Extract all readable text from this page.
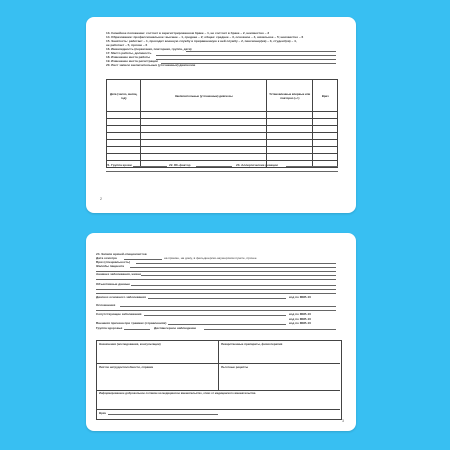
13. Семейное положение: состоит в зарегистрированном браке – 1, не состоит в браке – 2, неизвестно – 3
14. Образование: профессиональное: высшее – 1, среднее – 2; общее: среднее – 3, основное – 4, начальное – 5; неизвестно – 6
15. Занятость: работает – 1, проходит военную службу и приравненную к ней службу – 2, пенсионер(ка) – 3, студент(ка) – 4,
не работает – 5, прочие – 6
16. Инвалидность (первичная, повторная, группа, дата)
17. Место работы, должность
18. Изменение места работы
19. Изменение места регистрации
20. Лист записи заключительных (уточненных) диагнозов
Дата (число, месяц, год)	Заключительные (уточненные) диагнозы	Установленные впервые или повторно (+/-)	Врач

21. Группа крови	22. Rh-фактор	23. Аллергические реакции
2
24. Записи врачей-специалистов
Дата осмотра	на приеме, на дому, в фельдшерско-акушерском пункте, прочее
Врач (специальность)
Жалобы пациента
Анамнез заболевания, жизни
Объективные данные
Диагноз основного заболевания	код по МКБ-10
Осложнения
Сопутствующие заболевания	код по МКБ-10
код по МКБ-10
Внешняя причина при травмах (отравлениях)	код по МКБ-10
Группа здоровья	Диспансерное наблюдение
Назначения (исследования, консультации)	Лекарственные препараты, физиотерапия
Листок нетрудоспособности, справка	Льготные рецепты
Информированное добровольное согласие на медицинское вмешательство, отказ от медицинского вмешательства
Врач
3
